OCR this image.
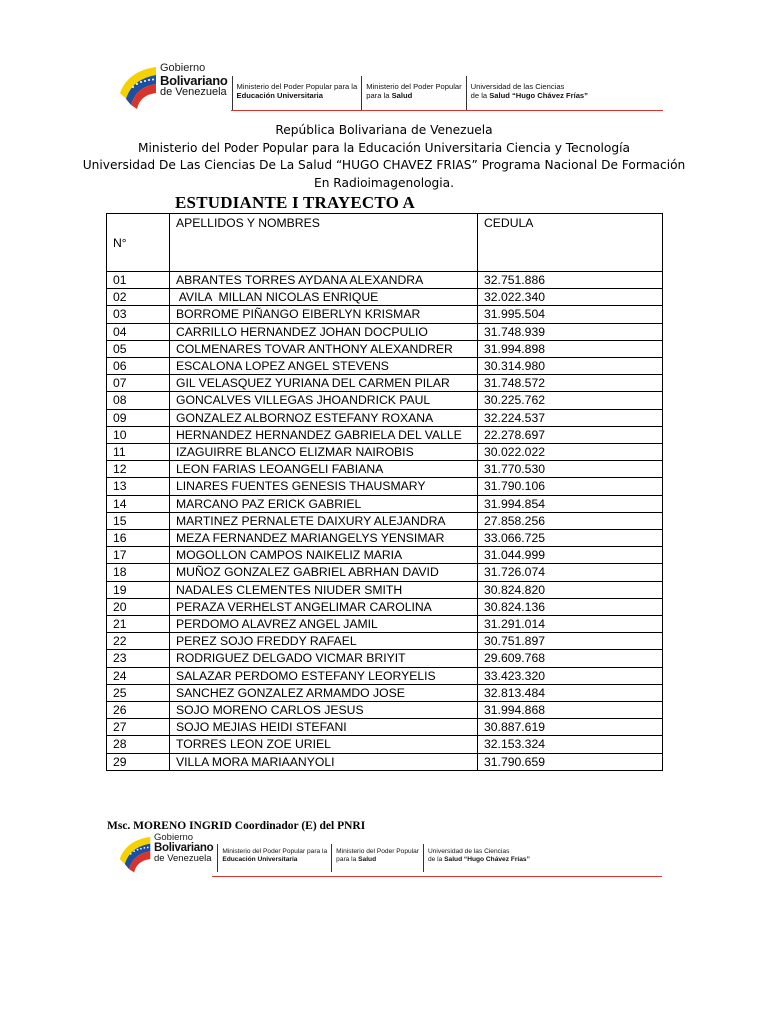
Gobierno
Bolivariano
de Venezuela Ministerio del Poder Popular para la
Educación Universitaria
Ministerio del Poder Popular
para la Salud
Universidad de las Ciencias
de la Salud “Hugo Chávez Frías”
República Bolivariana de Venezuela
Ministerio del Poder Popular para la Educación Universitaria Ciencia y Tecnología
Universidad De Las Ciencias De La Salud “HUGO CHAVEZ FRIAS” Programa Nacional De Formación
En Radioimagenologia.
ESTUDIANTE I TRAYECTO A
N°	APELLIDOS Y NOMBRES	CEDULA
01	ABRANTES TORRES AYDANA ALEXANDRA	32.751.886
02	AVILA  MILLAN NICOLAS ENRIQUE	32.022.340
03	BORROME PIÑANGO EIBERLYN KRISMAR	31.995.504
04	CARRILLO HERNANDEZ JOHAN DOCPULIO	31.748.939
05	COLMENARES TOVAR ANTHONY ALEXANDRER	31.994.898
06	ESCALONA LOPEZ ANGEL STEVENS	30.314.980
07	GIL VELASQUEZ YURIANA DEL CARMEN PILAR	31.748.572
08	GONCALVES VILLEGAS JHOANDRICK PAUL	30.225.762
09	GONZALEZ ALBORNOZ ESTEFANY ROXANA	32.224.537
10	HERNANDEZ HERNANDEZ GABRIELA DEL VALLE	22.278.697
11	IZAGUIRRE BLANCO ELIZMAR NAIROBIS	30.022.022
12	LEON FARIAS LEOANGELI FABIANA	31.770.530
13	LINARES FUENTES GENESIS THAUSMARY	31.790.106
14	MARCANO PAZ ERICK GABRIEL	31.994.854
15	MARTINEZ PERNALETE DAIXURY ALEJANDRA	27.858.256
16	MEZA FERNANDEZ MARIANGELYS YENSIMAR	33.066.725
17	MOGOLLON CAMPOS NAIKELIZ MARIA	31.044.999
18	MUÑOZ GONZALEZ GABRIEL ABRHAN DAVID	31.726.074
19	NADALES CLEMENTES NIUDER SMITH	30.824.820
20	PERAZA VERHELST ANGELIMAR CAROLINA	30.824.136
21	PERDOMO ALAVREZ ANGEL JAMIL	31.291.014
22	PEREZ SOJO FREDDY RAFAEL	30.751.897
23	RODRIGUEZ DELGADO VICMAR BRIYIT	29.609.768
24	SALAZAR PERDOMO ESTEFANY LEORYELIS	33.423.320
25	SANCHEZ GONZALEZ ARMAMDO JOSE	32.813.484
26	SOJO MORENO CARLOS JESUS	31.994.868
27	SOJO MEJIAS HEIDI STEFANI	30.887.619
28	TORRES LEON ZOE URIEL	32.153.324
29	VILLA MORA MARIAANYOLI	31.790.659
Msc. MORENO INGRID Coordinador (E) del PNRI
Gobierno
Bolivariano
de Venezuela
Ministerio del Poder Popular para la
Educación Universitaria
Ministerio del Poder Popular
para la Salud
Universidad de las Ciencias
de la Salud “Hugo Chávez Frías”
